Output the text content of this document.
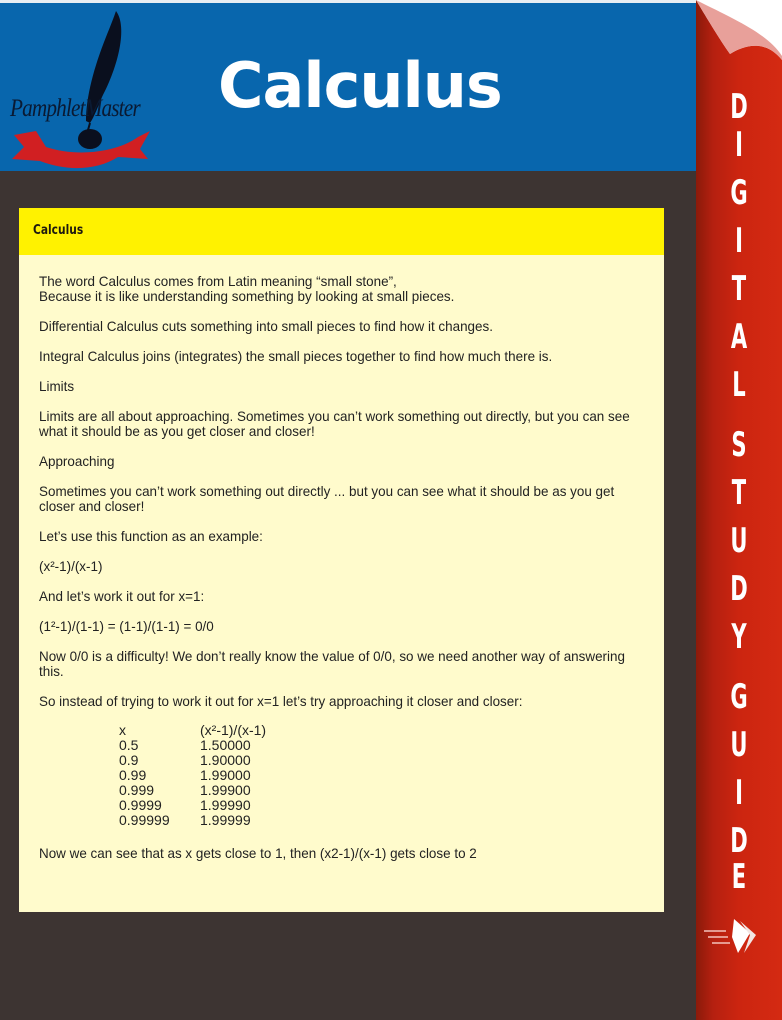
PamphletMaster Calculus
Calculus

The word Calculus comes from Latin meaning “small stone”,

Because it is like understanding something by looking at small pieces.

Differential Calculus cuts something into small pieces to find how it changes.

Integral Calculus joins (integrates) the small pieces together to find how much there is.

Limits

Limits are all about approaching. Sometimes you can’t work something out directly, but you can see what it should be as you get closer and closer!

Approaching

Sometimes you can’t work something out directly ... but you can see what it should be as you get closer and closer!

Let’s use this function as an example:

(x²-1)/(x-1)

And let’s work it out for x=1:

(1²-1)/(1-1) = (1-1)/(1-1) = 0/0

Now 0/0 is a difficulty! We don’t really know the value of 0/0, so we need another way of answering this.

So instead of trying to work it out for x=1 let’s try approaching it closer and closer:

x	(x²-1)/(x-1)
0.5	1.50000
0.9	1.90000
0.99	1.99000
0.999	1.99900
0.9999	1.99990
0.99999	1.99999
Now we can see that as x gets close to 1, then (x2-1)/(x-1) gets close to 2
D
I
G
I
T
A
L
S
T
U
D
Y
G
U
I
D
E
